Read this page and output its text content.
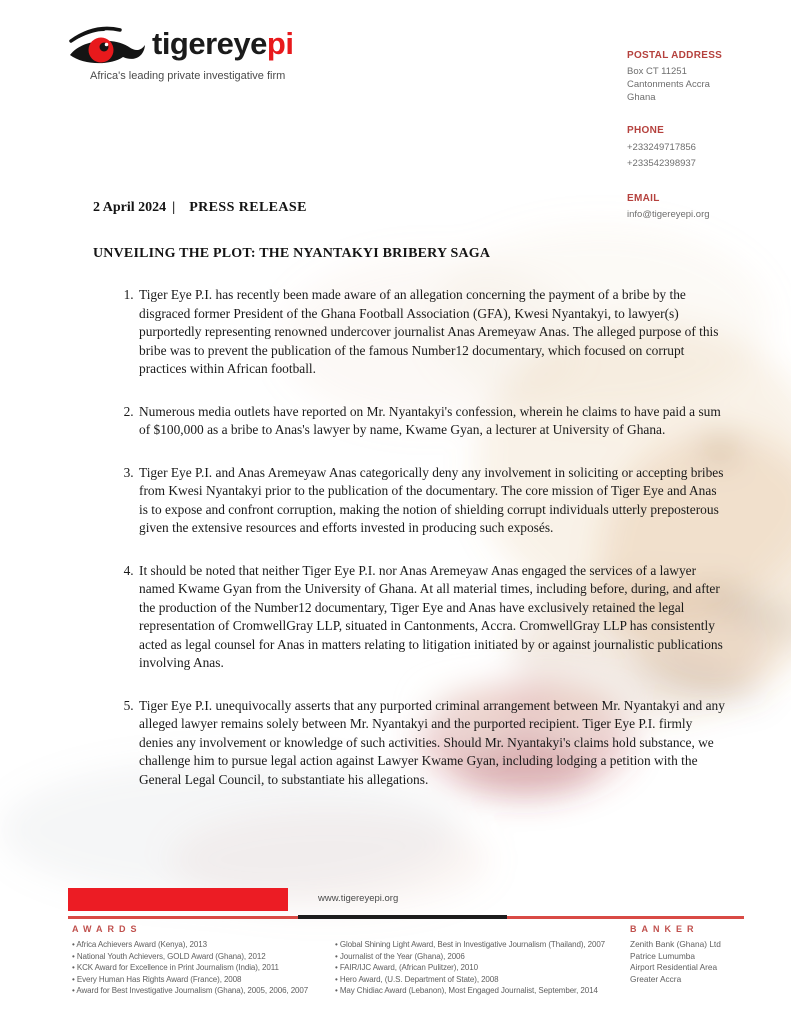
tigereyepi
Africa's leading private investigative firm
POSTAL ADDRESS
Box CT 11251
Cantonments Accra
Ghana
PHONE
+233249717856
+233542398937
EMAIL
info@tigereyepi.org
2 April 2024 | PRESS RELEASE
UNVEILING THE PLOT: THE NYANTAKYI BRIBERY SAGA
1. Tiger Eye P.I. has recently been made aware of an allegation concerning the payment of a bribe by the disgraced former President of the Ghana Football Association (GFA), Kwesi Nyantakyi, to lawyer(s) purportedly representing renowned undercover journalist Anas Aremeyaw Anas. The alleged purpose of this bribe was to prevent the publication of the famous Number12 documentary, which focused on corrupt practices within African football.
2. Numerous media outlets have reported on Mr. Nyantakyi's confession, wherein he claims to have paid a sum of $100,000 as a bribe to Anas's lawyer by name, Kwame Gyan, a lecturer at University of Ghana.
3. Tiger Eye P.I. and Anas Aremeyaw Anas categorically deny any involvement in soliciting or accepting bribes from Kwesi Nyantakyi prior to the publication of the documentary. The core mission of Tiger Eye and Anas is to expose and confront corruption, making the notion of shielding corrupt individuals utterly preposterous given the extensive resources and efforts invested in producing such exposés.
4. It should be noted that neither Tiger Eye P.I. nor Anas Aremeyaw Anas engaged the services of a lawyer named Kwame Gyan from the University of Ghana. At all material times, including before, during, and after the production of the Number12 documentary, Tiger Eye and Anas have exclusively retained the legal representation of CromwellGray LLP, situated in Cantonments, Accra. CromwellGray LLP has consistently acted as legal counsel for Anas in matters relating to litigation initiated by or against journalistic publications involving Anas.
5. Tiger Eye P.I. unequivocally asserts that any purported criminal arrangement between Mr. Nyantakyi and any alleged lawyer remains solely between Mr. Nyantakyi and the purported recipient. Tiger Eye P.I. firmly denies any involvement or knowledge of such activities. Should Mr. Nyantakyi's claims hold substance, we challenge him to pursue legal action against Lawyer Kwame Gyan, including lodging a petition with the General Legal Council, to substantiate his allegations.
www.tigereyepi.org
AWARDS
• Africa Achievers Award (Kenya), 2013
• National Youth Achievers, GOLD Award (Ghana), 2012
• KCK Award for Excellence in Print Journalism (India), 2011
• Every Human Has Rights Award (France), 2008
• Award for Best Investigative Journalism (Ghana), 2005, 2006, 2007
• Global Shining Light Award, Best in Investigative Journalism (Thailand), 2007
• Journalist of the Year (Ghana), 2006
• FAIR/IJC Award, (African Pulitzer), 2010
• Hero Award, (U.S. Department of State), 2008
• May Chidiac Award (Lebanon), Most Engaged Journalist, September, 2014
BANKER
Zenith Bank (Ghana) Ltd
Patrice Lumumba
Airport Residential Area
Greater Accra
